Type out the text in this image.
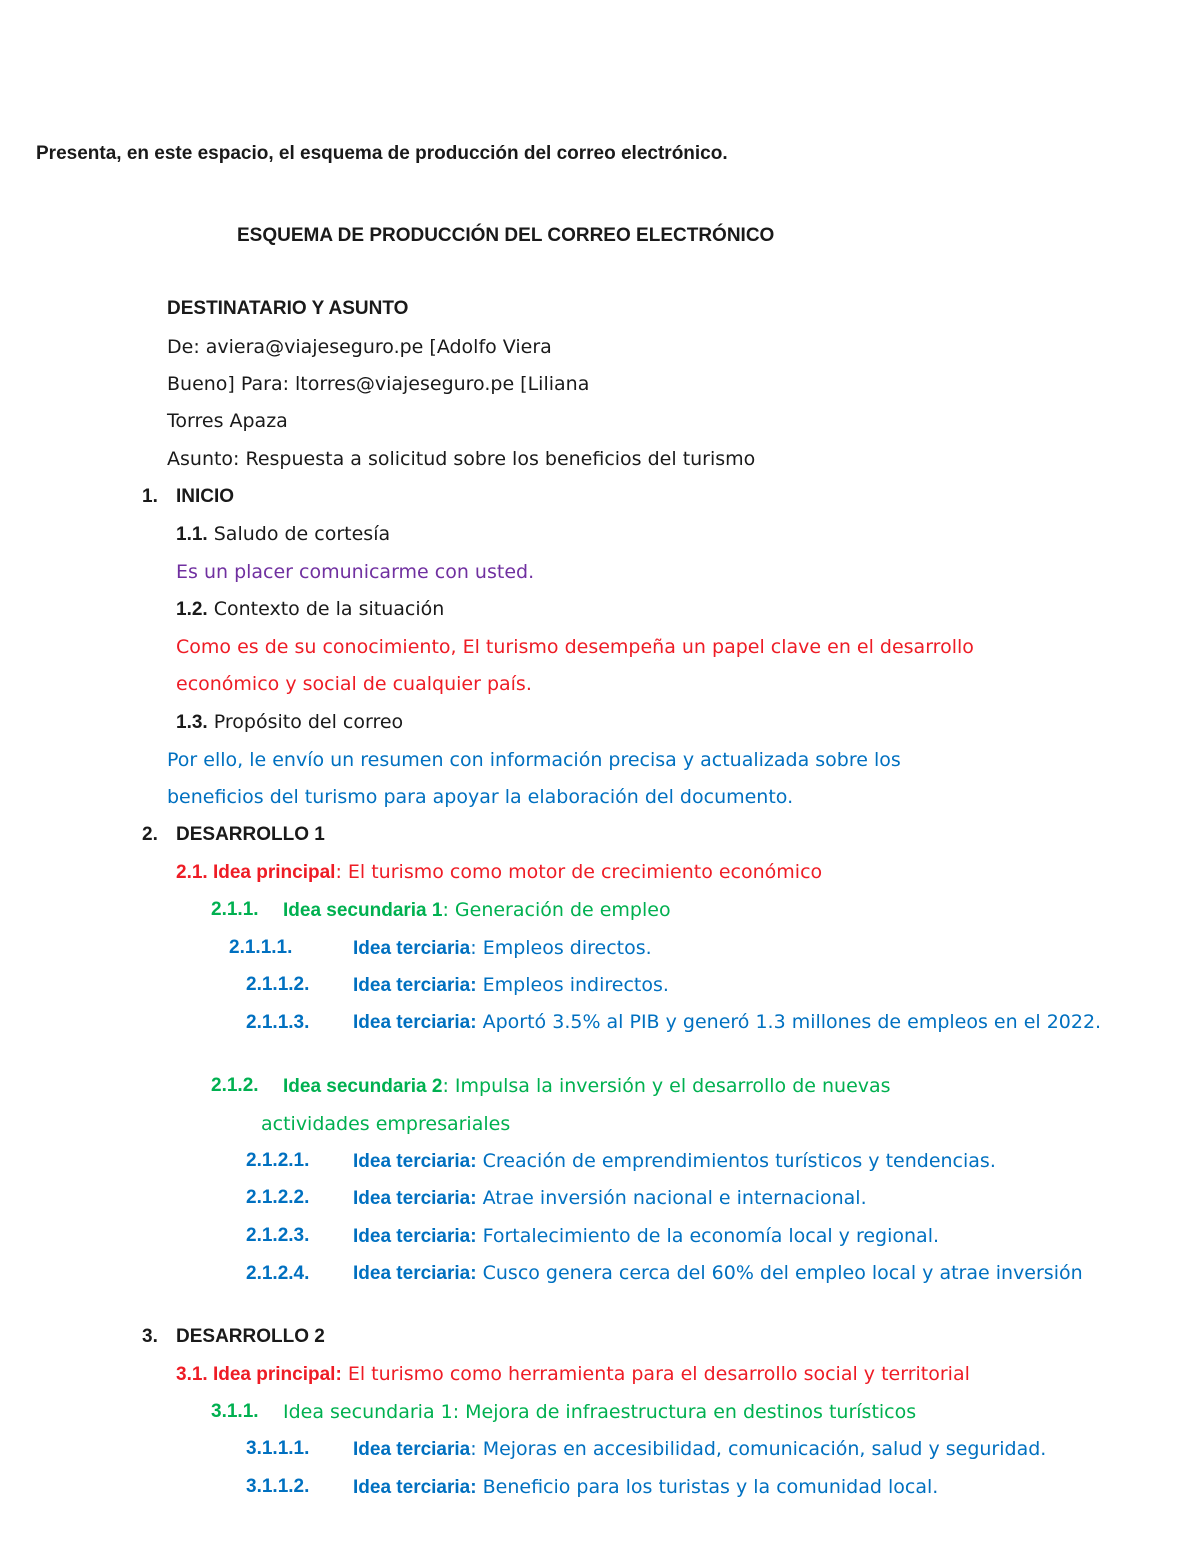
Presenta, en este espacio, el esquema de producción del correo electrónico.
ESQUEMA DE PRODUCCIÓN DEL CORREO ELECTRÓNICO
DESTINATARIO Y ASUNTO
De: aviera@viajeseguro.pe [Adolfo Viera
Bueno] Para: ltorres@viajeseguro.pe [Liliana
Torres Apaza
Asunto: Respuesta a solicitud sobre los beneficios del turismo
1. INICIO
1.1. Saludo de cortesía
Es un placer comunicarme con usted.
1.2. Contexto de la situación
Como es de su conocimiento, El turismo desempeña un papel clave en el desarrollo
económico y social de cualquier país.
1.3. Propósito del correo
Por ello, le envío un resumen con información precisa y actualizada sobre los
beneficios del turismo para apoyar la elaboración del documento.
2. DESARROLLO 1
2.1. Idea principal: El turismo como motor de crecimiento económico
2.1.1. Idea secundaria 1: Generación de empleo
2.1.1.1.	Idea terciaria: Empleos directos.
2.1.1.2. Idea terciaria: Empleos indirectos.
2.1.1.3. Idea terciaria: Aportó 3.5% al PIB y generó 1.3 millones de empleos en el 2022.
2.1.2. Idea secundaria 2: Impulsa la inversión y el desarrollo de nuevas
actividades empresariales
2.1.2.1. Idea terciaria: Creación de emprendimientos turísticos y tendencias.
2.1.2.2. Idea terciaria: Atrae inversión nacional e internacional.
2.1.2.3. Idea terciaria: Fortalecimiento de la economía local y regional.
2.1.2.4. Idea terciaria: Cusco genera cerca del 60% del empleo local y atrae inversión
3. DESARROLLO 2
3.1. Idea principal: El turismo como herramienta para el desarrollo social y territorial
3.1.1. Idea secundaria 1: Mejora de infraestructura en destinos turísticos
3.1.1.1. Idea terciaria: Mejoras en accesibilidad, comunicación, salud y seguridad.
3.1.1.2. Idea terciaria: Beneficio para los turistas y la comunidad local.
